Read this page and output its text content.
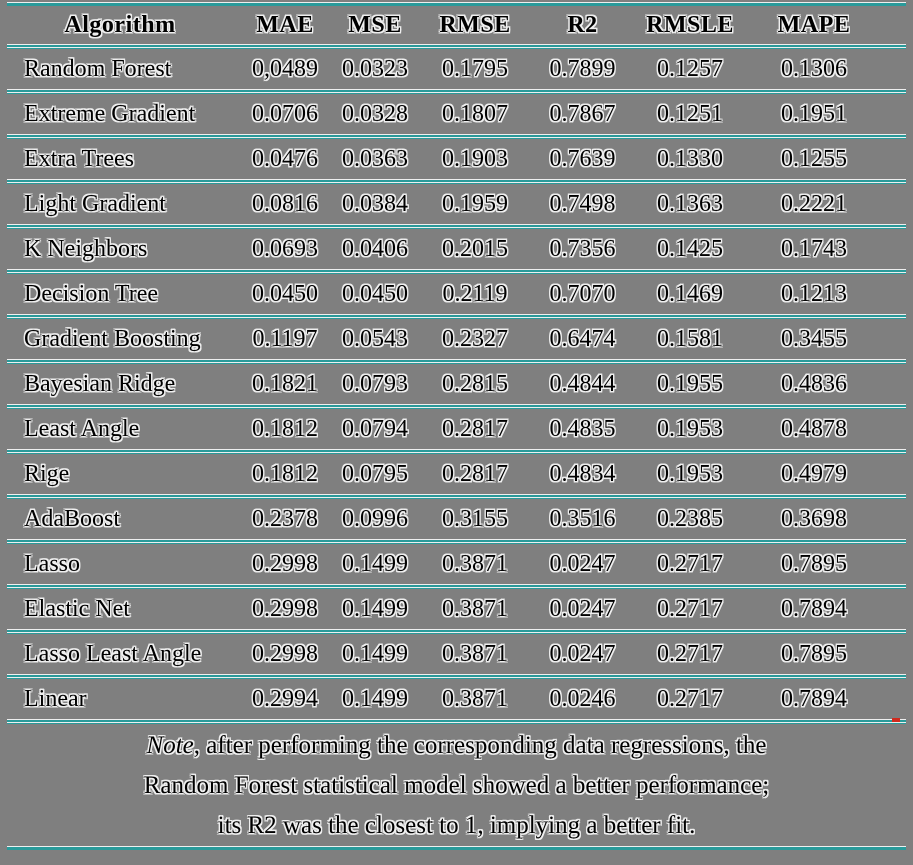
Algorithm	MAE	MSE	RMSE	R2	RMSLE	MAPE
Random Forest	0,0489	0.0323	0.1795	0.7899	0.1257	0.1306
Extreme Gradient	0.0706	0.0328	0.1807	0.7867	0.1251	0.1951
Extra Trees	0.0476	0.0363	0.1903	0.7639	0.1330	0.1255
Light Gradient	0.0816	0.0384	0.1959	0.7498	0.1363	0.2221
K Neighbors	0.0693	0.0406	0.2015	0.7356	0.1425	0.1743
Decision Tree	0.0450	0.0450	0.2119	0.7070	0.1469	0.1213
Gradient Boosting	0.1197	0.0543	0.2327	0.6474	0.1581	0.3455
Bayesian Ridge	0.1821	0.0793	0.2815	0.4844	0.1955	0.4836
Least Angle	0.1812	0.0794	0.2817	0.4835	0.1953	0.4878
Rige	0.1812	0.0795	0.2817	0.4834	0.1953	0.4979
AdaBoost	0.2378	0.0996	0.3155	0.3516	0.2385	0.3698
Lasso	0.2998	0.1499	0.3871	0.0247	0.2717	0.7895
Elastic Net	0.2998	0.1499	0.3871	0.0247	0.2717	0.7894
Lasso Least Angle	0.2998	0.1499	0.3871	0.0247	0.2717	0.7895
Linear	0.2994	0.1499	0.3871	0.0246	0.2717	0.7894
Note, after performing the corresponding data regressions, the
Random Forest statistical model showed a better performance;
its R2 was the closest to 1, implying a better fit.
